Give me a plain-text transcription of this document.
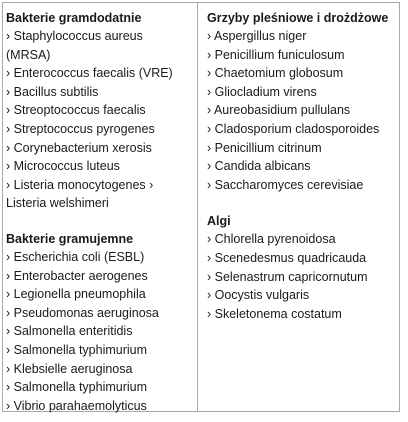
Bakterie gramdodatnie
› Staphylococcus aureus
(MRSA)
› Enterococcus faecalis (VRE)
› Bacillus subtilis
› Streoptococcus faecalis
› Streptococcus pyrogenes
› Corynebacterium xerosis
› Micrococcus luteus
› Listeria monocytogenes ›
Listeria welshimeri
Bakterie gramujemne
› Escherichia coli (ESBL)
› Enterobacter aerogenes
› Legionella pneumophila
› Pseudomonas aeruginosa
› Salmonella enteritidis
› Salmonella typhimurium
› Klebsielle aeruginosa
› Salmonella typhimurium
› Vibrio parahaemolyticus
Grzyby pleśniowe i drożdżowe
› Aspergillus niger
› Penicillium funiculosum
› Chaetomium globosum
› Gliocladium virens
› Aureobasidium pullulans
› Cladosporium cladosporoides
› Penicillium citrinum
› Candida albicans
› Saccharomyces cerevisiae
Algi
› Chlorella pyrenoidosa
› Scenedesmus quadricauda
› Selenastrum capricornutum
› Oocystis vulgaris
› Skeletonema costatum
